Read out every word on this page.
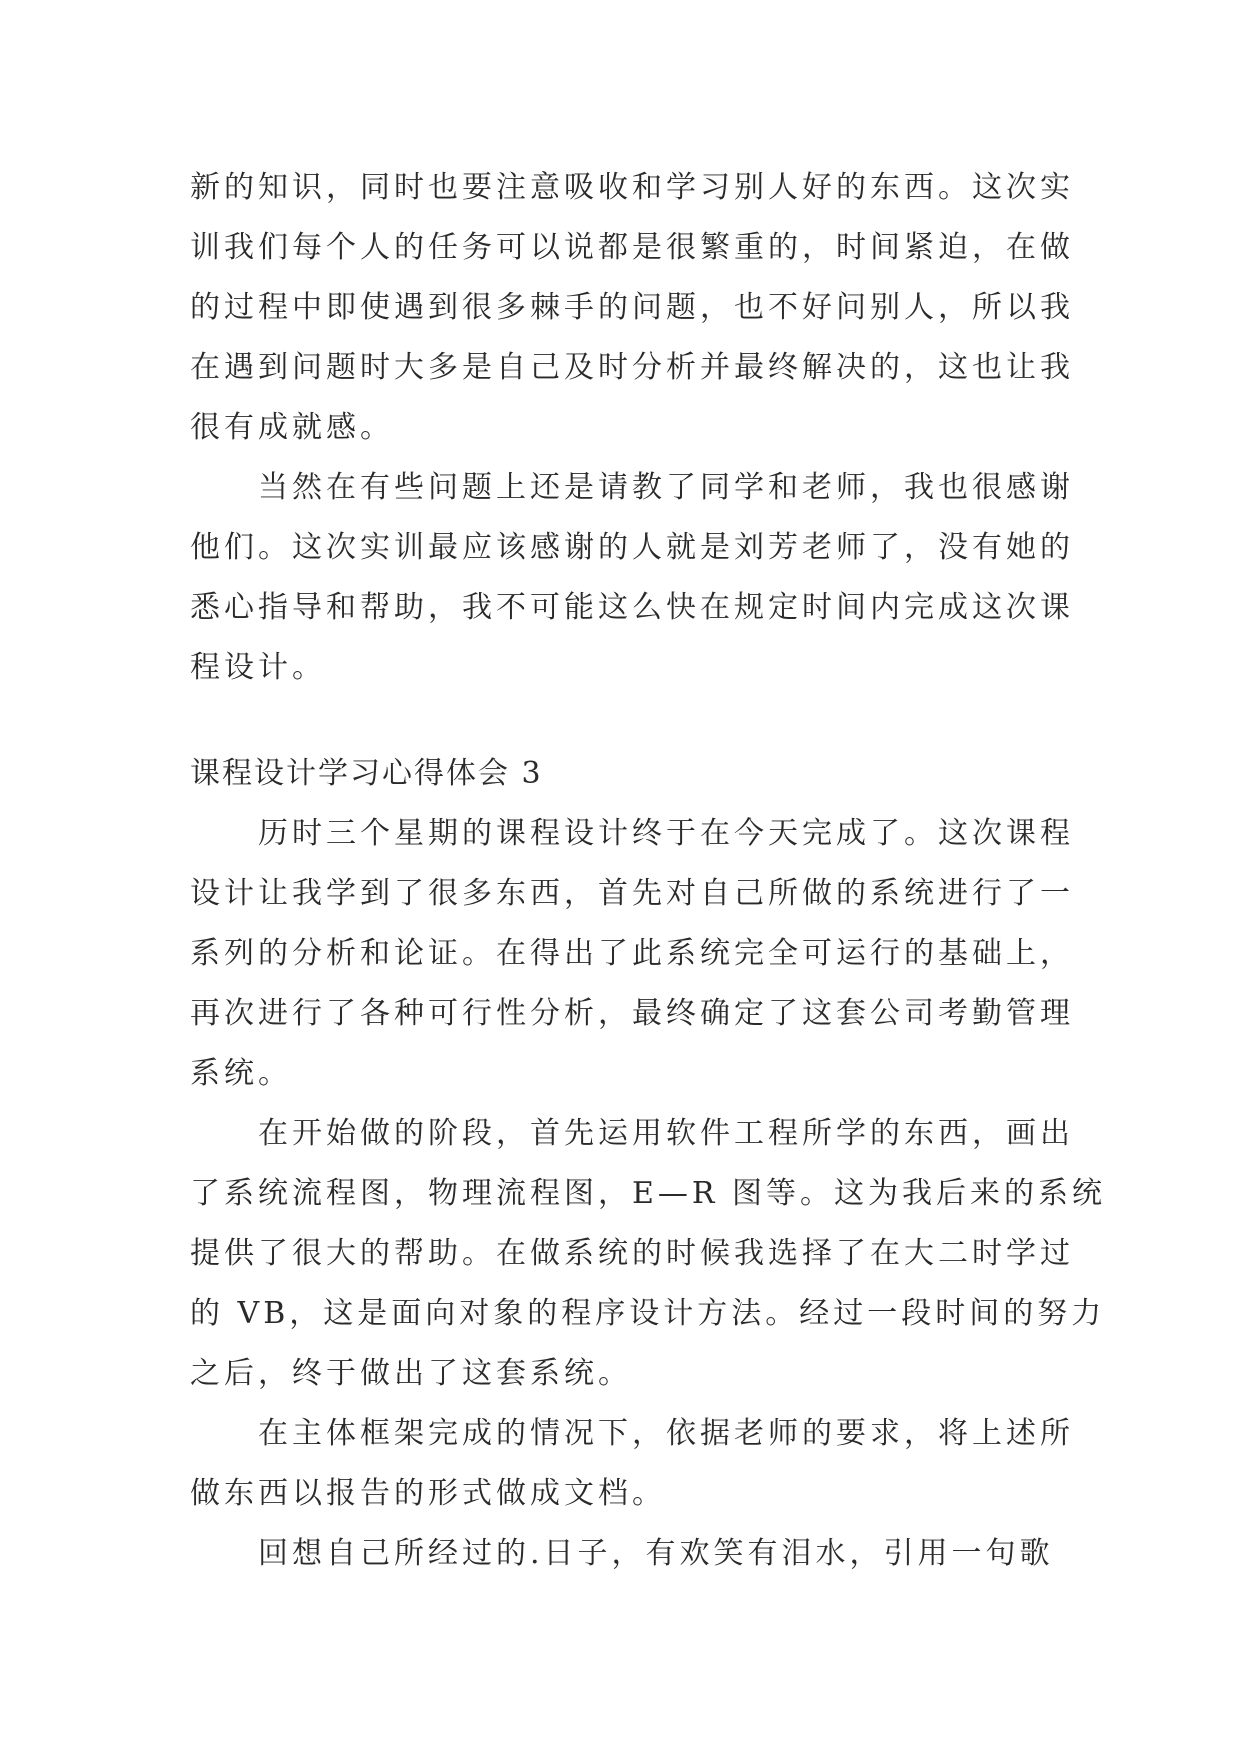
新的知识，同时也要注意吸收和学习别人好的东西。这次实

训我们每个人的任务可以说都是很繁重的，时间紧迫，在做

的过程中即使遇到很多棘手的问题，也不好问别人，所以我

在遇到问题时大多是自己及时分析并最终解决的，这也让我

很有成就感。

当然在有些问题上还是请教了同学和老师，我也很感谢

他们。这次实训最应该感谢的人就是刘芳老师了，没有她的

悉心指导和帮助，我不可能这么快在规定时间内完成这次课

程设计。

课程设计学习心得体会 3

历时三个星期的课程设计终于在今天完成了。这次课程

设计让我学到了很多东西，首先对自己所做的系统进行了一

系列的分析和论证。在得出了此系统完全可运行的基础上，

再次进行了各种可行性分析，最终确定了这套公司考勤管理

系统。

在开始做的阶段，首先运用软件工程所学的东西，画出

了系统流程图，物理流程图，E—R 图等。这为我后来的系统

提供了很大的帮助。在做系统的时候我选择了在大二时学过

的 VB，这是面向对象的程序设计方法。经过一段时间的努力

之后，终于做出了这套系统。

在主体框架完成的情况下，依据老师的要求，将上述所

做东西以报告的形式做成文档。

回想自己所经过的.日子，有欢笑有泪水，引用一句歌
